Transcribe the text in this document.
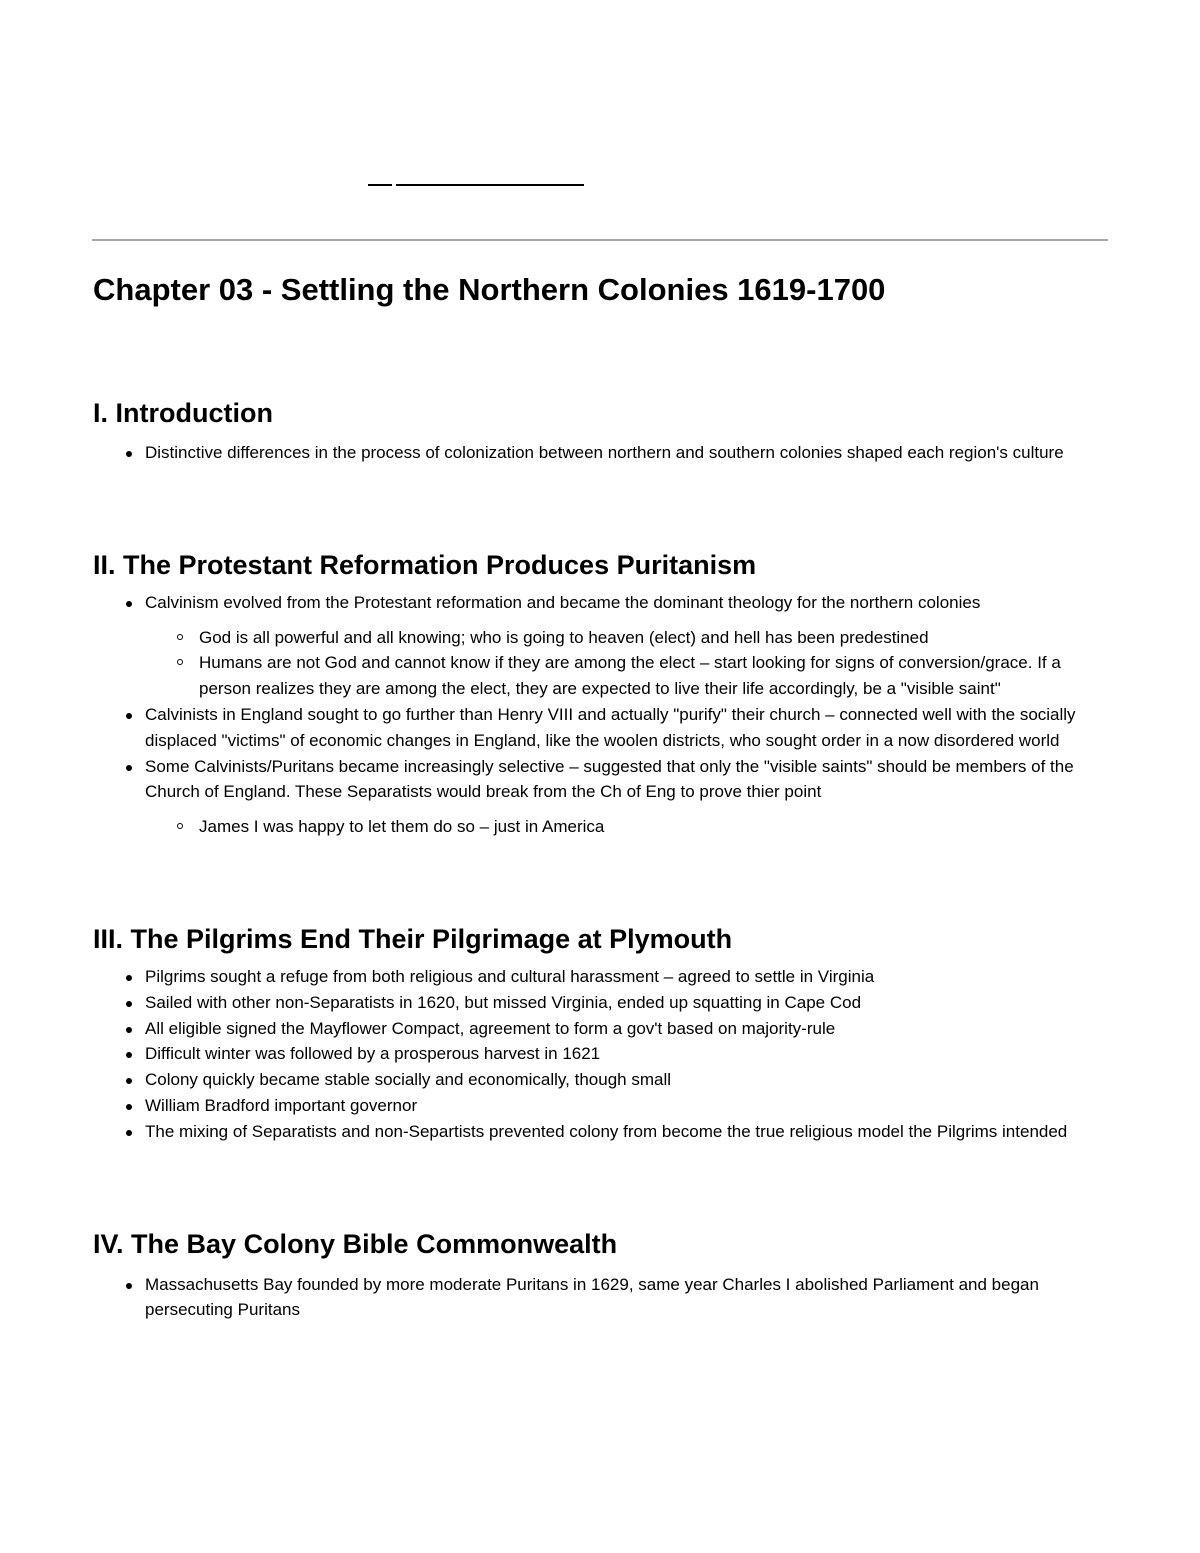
Chapter 03 - Settling the Northern Colonies 1619-1700
I. Introduction
Distinctive differences in the process of colonization between northern and southern colonies shaped each region's culture
II. The Protestant Reformation Produces Puritanism
Calvinism evolved from the Protestant reformation and became the dominant theology for the northern colonies
God is all powerful and all knowing; who is going to heaven (elect) and hell has been predestined
Humans are not God and cannot know if they are among the elect – start looking for signs of conversion/grace. If a person realizes they are among the elect, they are expected to live their life accordingly, be a "visible saint"
Calvinists in England sought to go further than Henry VIII and actually "purify" their church – connected well with the socially displaced "victims" of economic changes in England, like the woolen districts, who sought order in a now disordered world
Some Calvinists/Puritans became increasingly selective – suggested that only the "visible saints" should be members of the Church of England. These Separatists would break from the Ch of Eng to prove thier point
James I was happy to let them do so – just in America
III. The Pilgrims End Their Pilgrimage at Plymouth
Pilgrims sought a refuge from both religious and cultural harassment – agreed to settle in Virginia
Sailed with other non-Separatists in 1620, but missed Virginia, ended up squatting in Cape Cod
All eligible signed the Mayflower Compact, agreement to form a gov't based on majority-rule
Difficult winter was followed by a prosperous harvest in 1621
Colony quickly became stable socially and economically, though small
William Bradford important governor
The mixing of Separatists and non-Separtists prevented colony from become the true religious model the Pilgrims intended
IV. The Bay Colony Bible Commonwealth
Massachusetts Bay founded by more moderate Puritans in 1629, same year Charles I abolished Parliament and began persecuting Puritans
